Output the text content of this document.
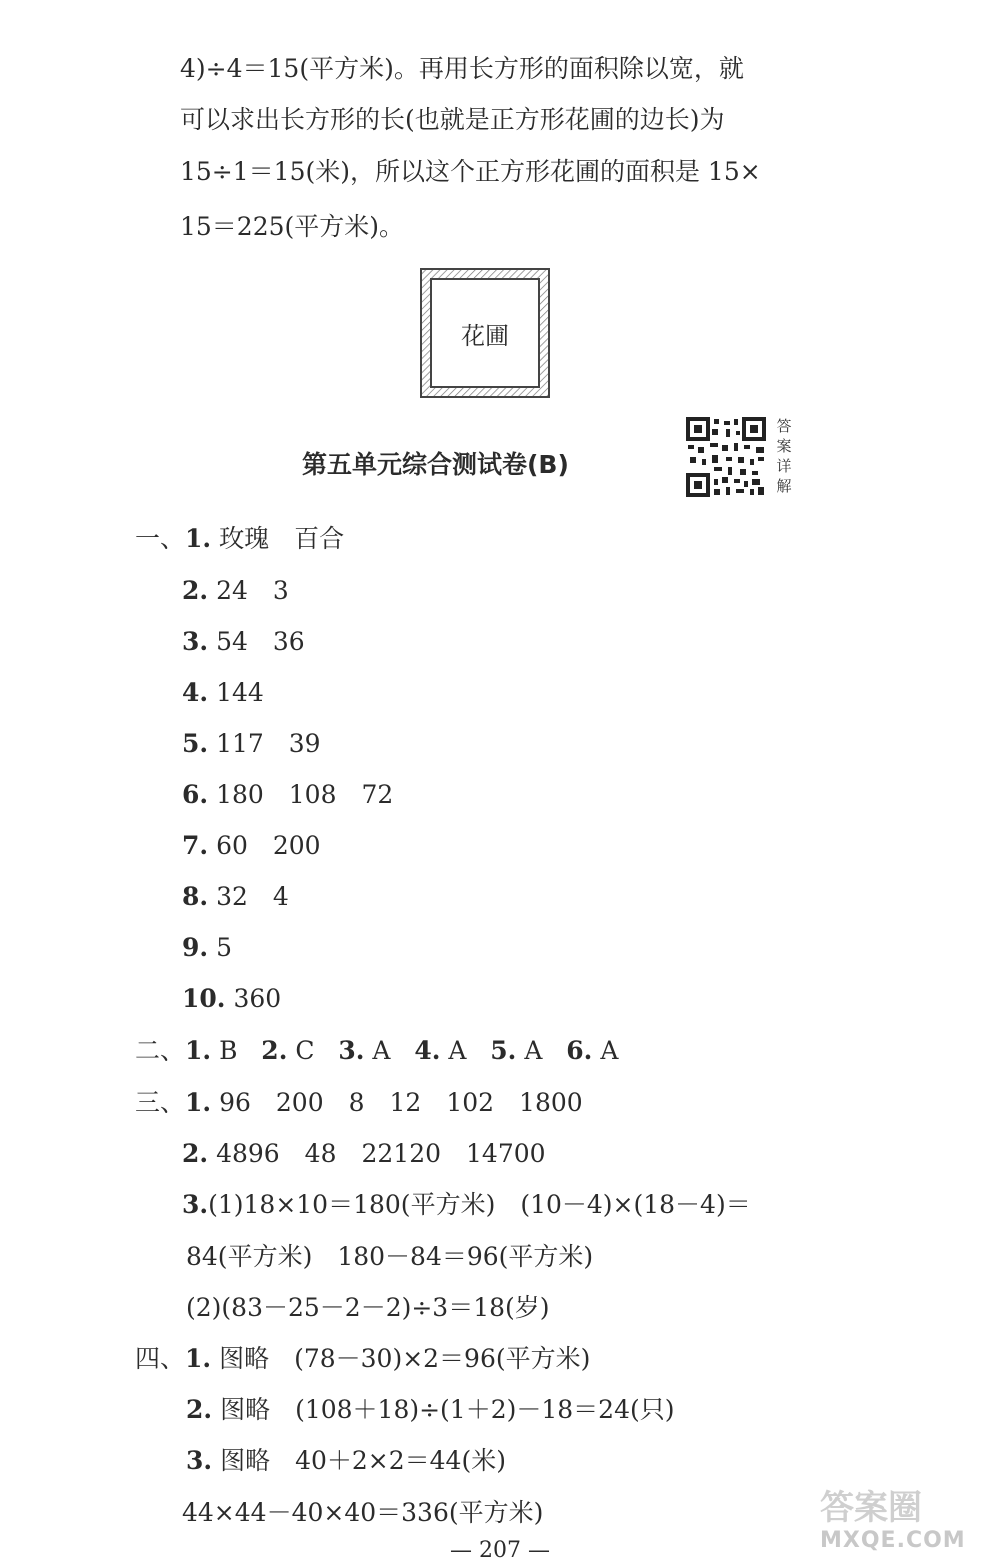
4)÷4＝15(平方米)。再用长方形的面积除以宽，就
可以求出长方形的长(也就是正方形花圃的边长)为
15÷1＝15(米)，所以这个正方形花圃的面积是 15×
15＝225(平方米)。
花圃
答案详解
第五单元综合测试卷(B)
一、1. 玫瑰　百合
2. 24　3
3. 54　36
4. 144
5. 117　39
6. 180　108　72
7. 60　200
8. 32　4
9. 5
10. 360
二、1. B 2. C 3. A 4. A 5. A 6. A
三、1. 96　200　8　12　102　1800
2. 4896　48　22120　14700
3.(1)18×10＝180(平方米)　(10－4)×(18－4)＝
84(平方米)　180－84＝96(平方米)
(2)(83－25－2－2)÷3＝18(岁)
四、1. 图略　(78－30)×2＝96(平方米)
2. 图略　(108＋18)÷(1＋2)－18＝24(只)
3. 图略　40＋2×2＝44(米)
44×44－40×40＝336(平方米)	答案圈
MXQE.COM
— 207 —
